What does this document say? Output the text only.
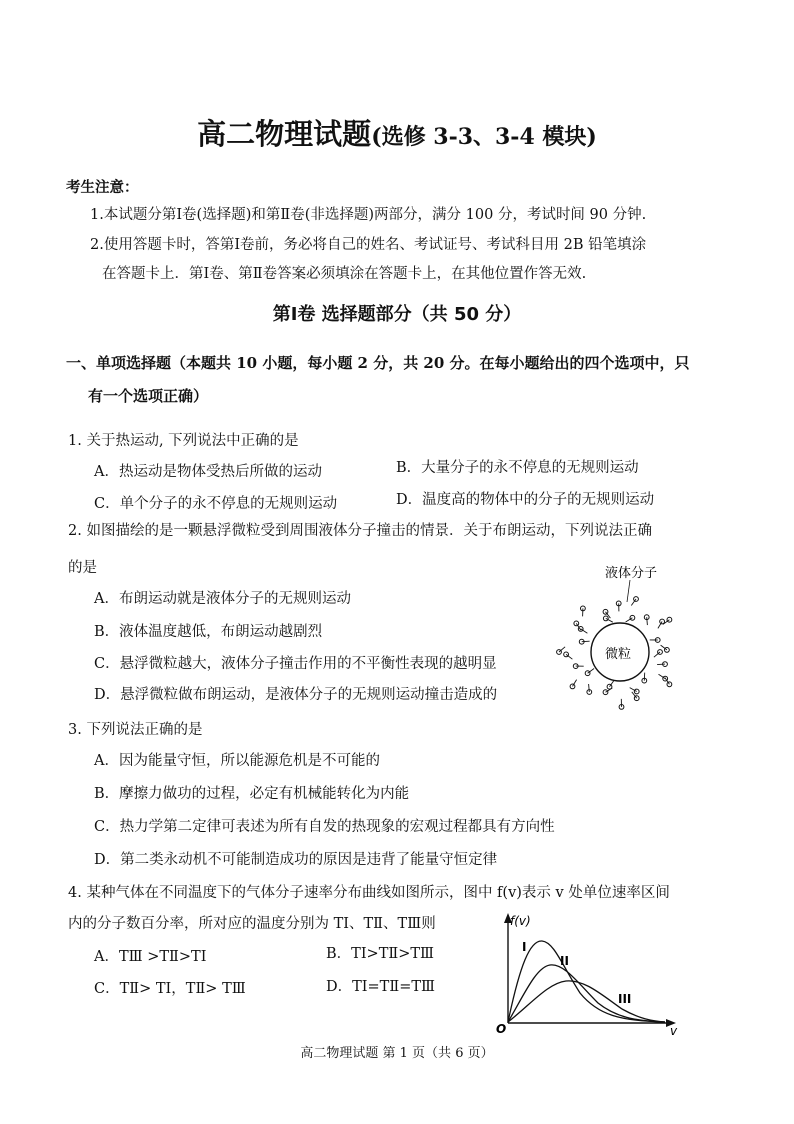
高二物理试题(选修 3-3、3-4 模块)
考生注意：
1.本试题分第Ⅰ卷(选择题)和第Ⅱ卷(非选择题)两部分，满分 100 分，考试时间 90 分钟.
2.使用答题卡时，答第Ⅰ卷前，务必将自己的姓名、考试证号、考试科目用 2B 铅笔填涂
在答题卡上．第Ⅰ卷、第Ⅱ卷答案必须填涂在答题卡上，在其他位置作答无效.
第Ⅰ卷 选择题部分（共 50 分）
一、单项选择题（本题共 10 小题，每小题 2 分，共 20 分。在每小题给出的四个选项中，只
有一个选项正确）
1. 关于热运动, 下列说法中正确的是
A．热运动是物体受热后所做的运动	B．大量分子的永不停息的无规则运动
C．单个分子的永不停息的无规则运动	D．温度高的物体中的分子的无规则运动
2. 如图描绘的是一颗悬浮微粒受到周围液体分子撞击的情景．关于布朗运动，下列说法正确
的是
A．布朗运动就是液体分子的无规则运动
B．液体温度越低，布朗运动越剧烈
C．悬浮微粒越大，液体分子撞击作用的不平衡性表现的越明显
D．悬浮微粒做布朗运动，是液体分子的无规则运动撞击造成的
液体分子
微粒
3. 下列说法正确的是
A．因为能量守恒，所以能源危机是不可能的
B．摩擦力做功的过程，必定有机械能转化为内能
C．热力学第二定律可表述为所有自发的热现象的宏观过程都具有方向性
D．第二类永动机不可能制造成功的原因是违背了能量守恒定律
4. 某种气体在不同温度下的气体分子速率分布曲线如图所示，图中 f(v)表示 v 处单位速率区间
内的分子数百分率，所对应的温度分别为 TⅠ、TⅡ、TⅢ则
A．TⅢ >TⅡ>TⅠ	B．TⅠ>TⅡ>TⅢ
C．TⅡ> TⅠ，TⅡ> TⅢ	D．TⅠ=TⅡ=TⅢ
f(v)
v
O
I
II
III
高二物理试题 第 1 页（共 6 页）
